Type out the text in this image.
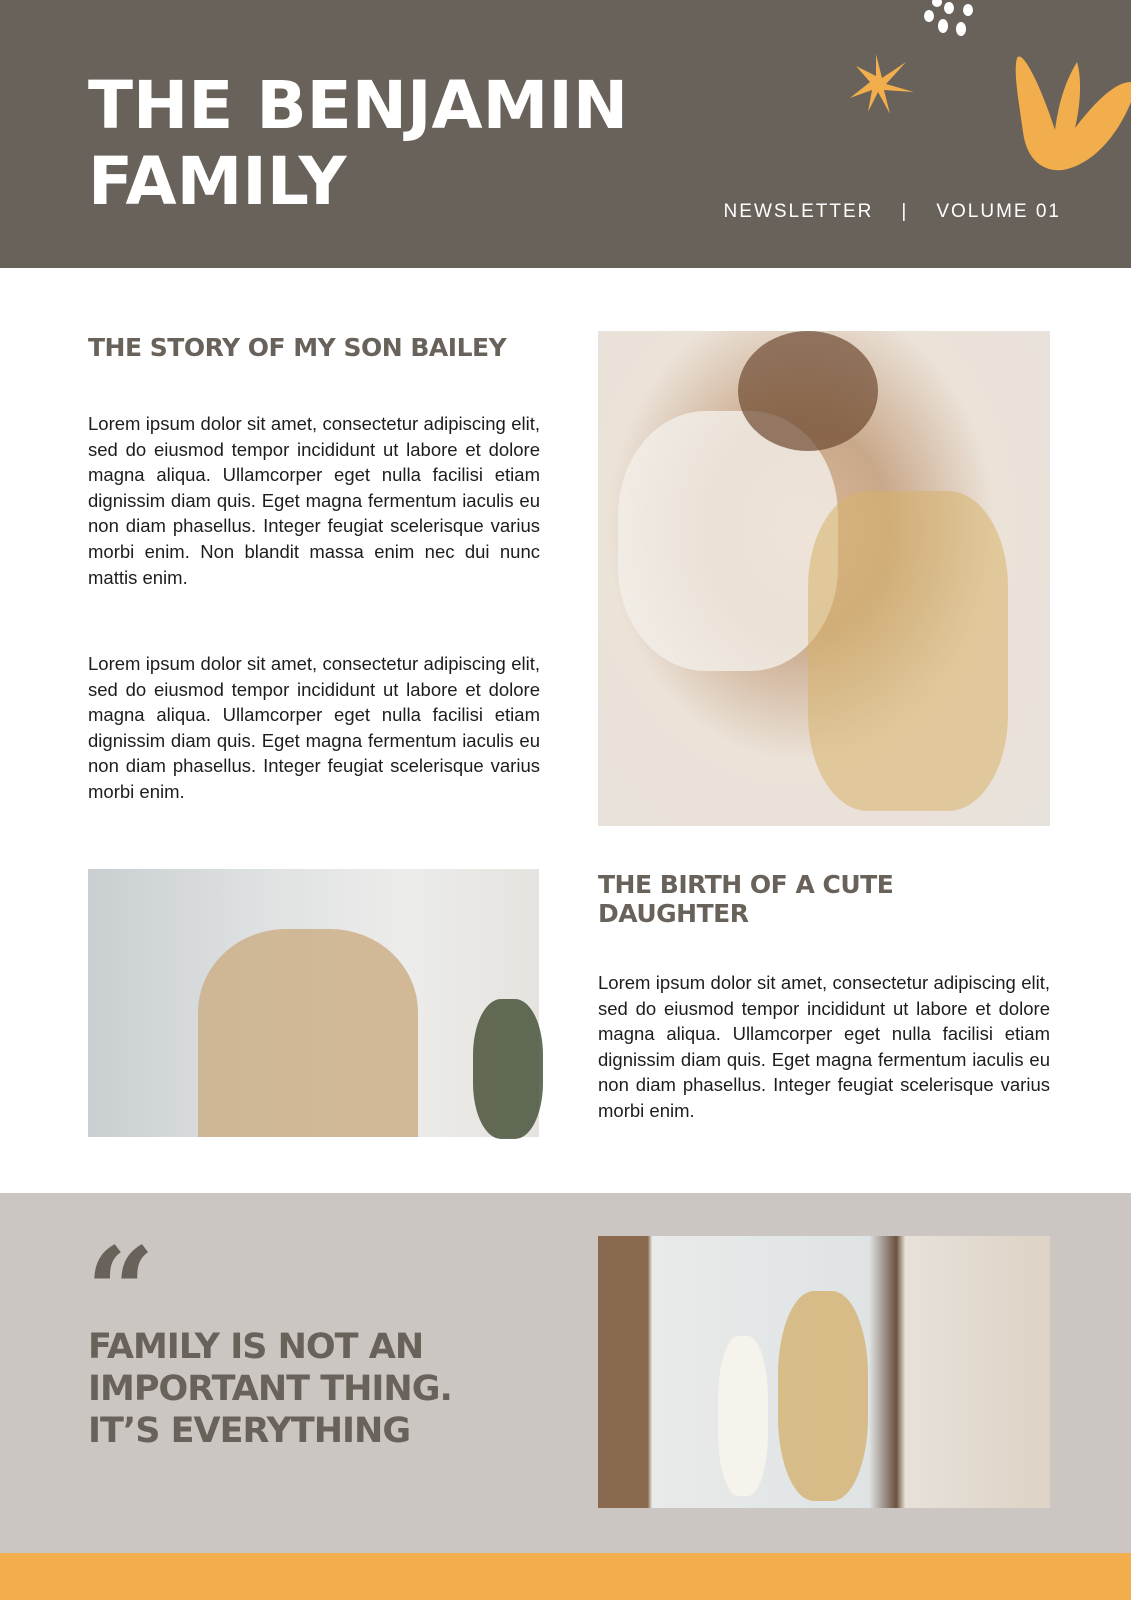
THE BENJAMIN
FAMILY	NEWSLETTER | VOLUME 01
THE STORY OF MY SON BAILEY
Lorem ipsum dolor sit amet, consectetur adipiscing elit, sed do eiusmod tempor incididunt ut labore et dolore magna aliqua. Ullamcorper eget nulla facilisi etiam dignissim diam quis. Eget magna fermentum iaculis eu non diam phasellus. Integer feugiat scelerisque varius morbi enim. Non blandit massa enim nec dui nunc mattis enim.
Lorem ipsum dolor sit amet, consectetur adipiscing elit, sed do eiusmod tempor incididunt ut labore et dolore magna aliqua. Ullamcorper eget nulla facilisi etiam dignissim diam quis. Eget magna fermentum iaculis eu non diam phasellus. Integer feugiat scelerisque varius morbi enim.
THE BIRTH OF A CUTE DAUGHTER
Lorem ipsum dolor sit amet, consectetur adipiscing elit, sed do eiusmod tempor incididunt ut labore et dolore magna aliqua. Ullamcorper eget nulla facilisi etiam dignissim diam quis. Eget magna fermentum iaculis eu non diam phasellus. Integer feugiat scelerisque varius morbi enim.
“
FAMILY IS NOT AN
IMPORTANT THING.
IT’S EVERYTHING
